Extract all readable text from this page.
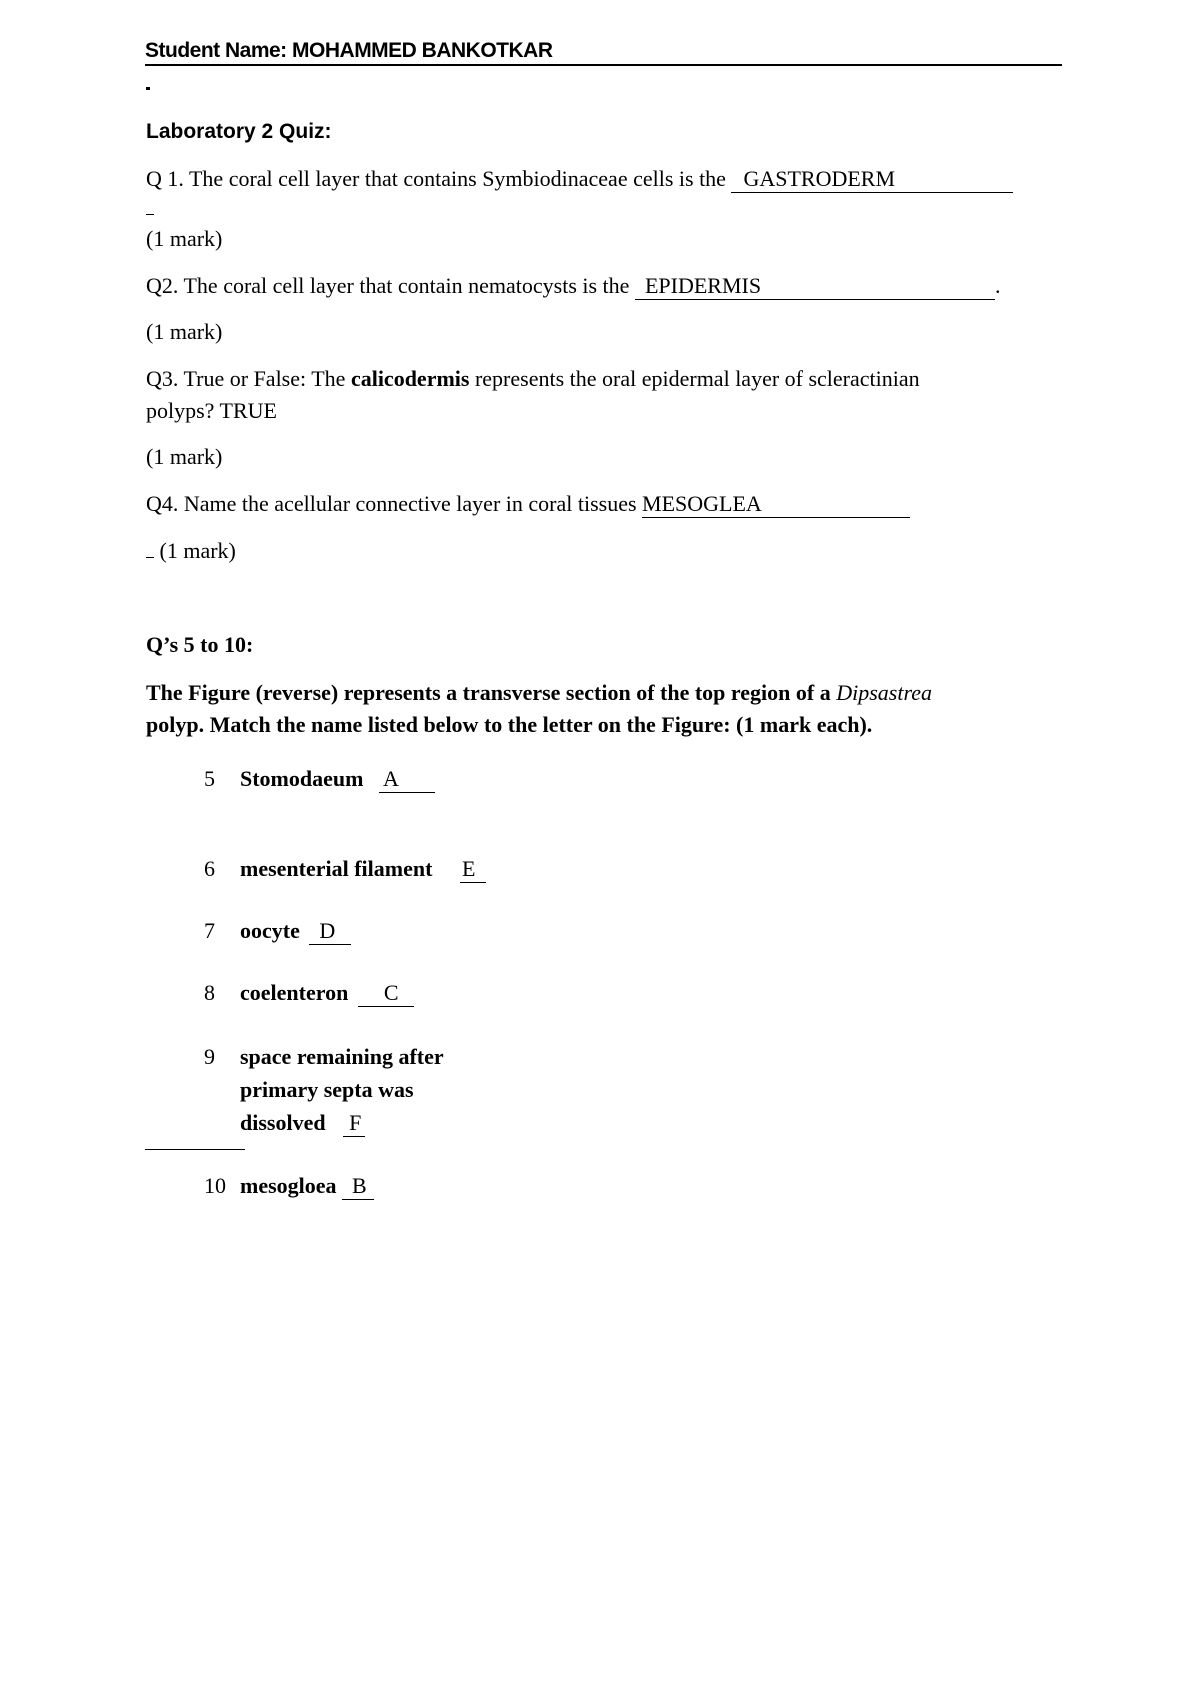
Student Name: MOHAMMED BANKOTKAR
Laboratory 2 Quiz:
Q 1. The coral cell layer that contains Symbiodinaceae cells is the GASTRODERM
(1 mark)
Q2. The coral cell layer that contain nematocysts is the EPIDERMIS	.
(1 mark)
Q3. True or False: The calicodermis represents the oral epidermal layer of scleractinian
polyps? TRUE
(1 mark)
Q4. Name the acellular connective layer in coral tissues MESOGLEA
(1 mark)
Q’s 5 to 10:
The Figure (reverse) represents a transverse section of the top region of a Dipsastrea
polyp. Match the name listed below to the letter on the Figure: (1 mark each).
5 Stomodaeum A
6 mesenterial filament E
7 oocyte D
8 coelenteron C
9 space remaining after
primary septa was
dissolved F
10 mesogloea B
